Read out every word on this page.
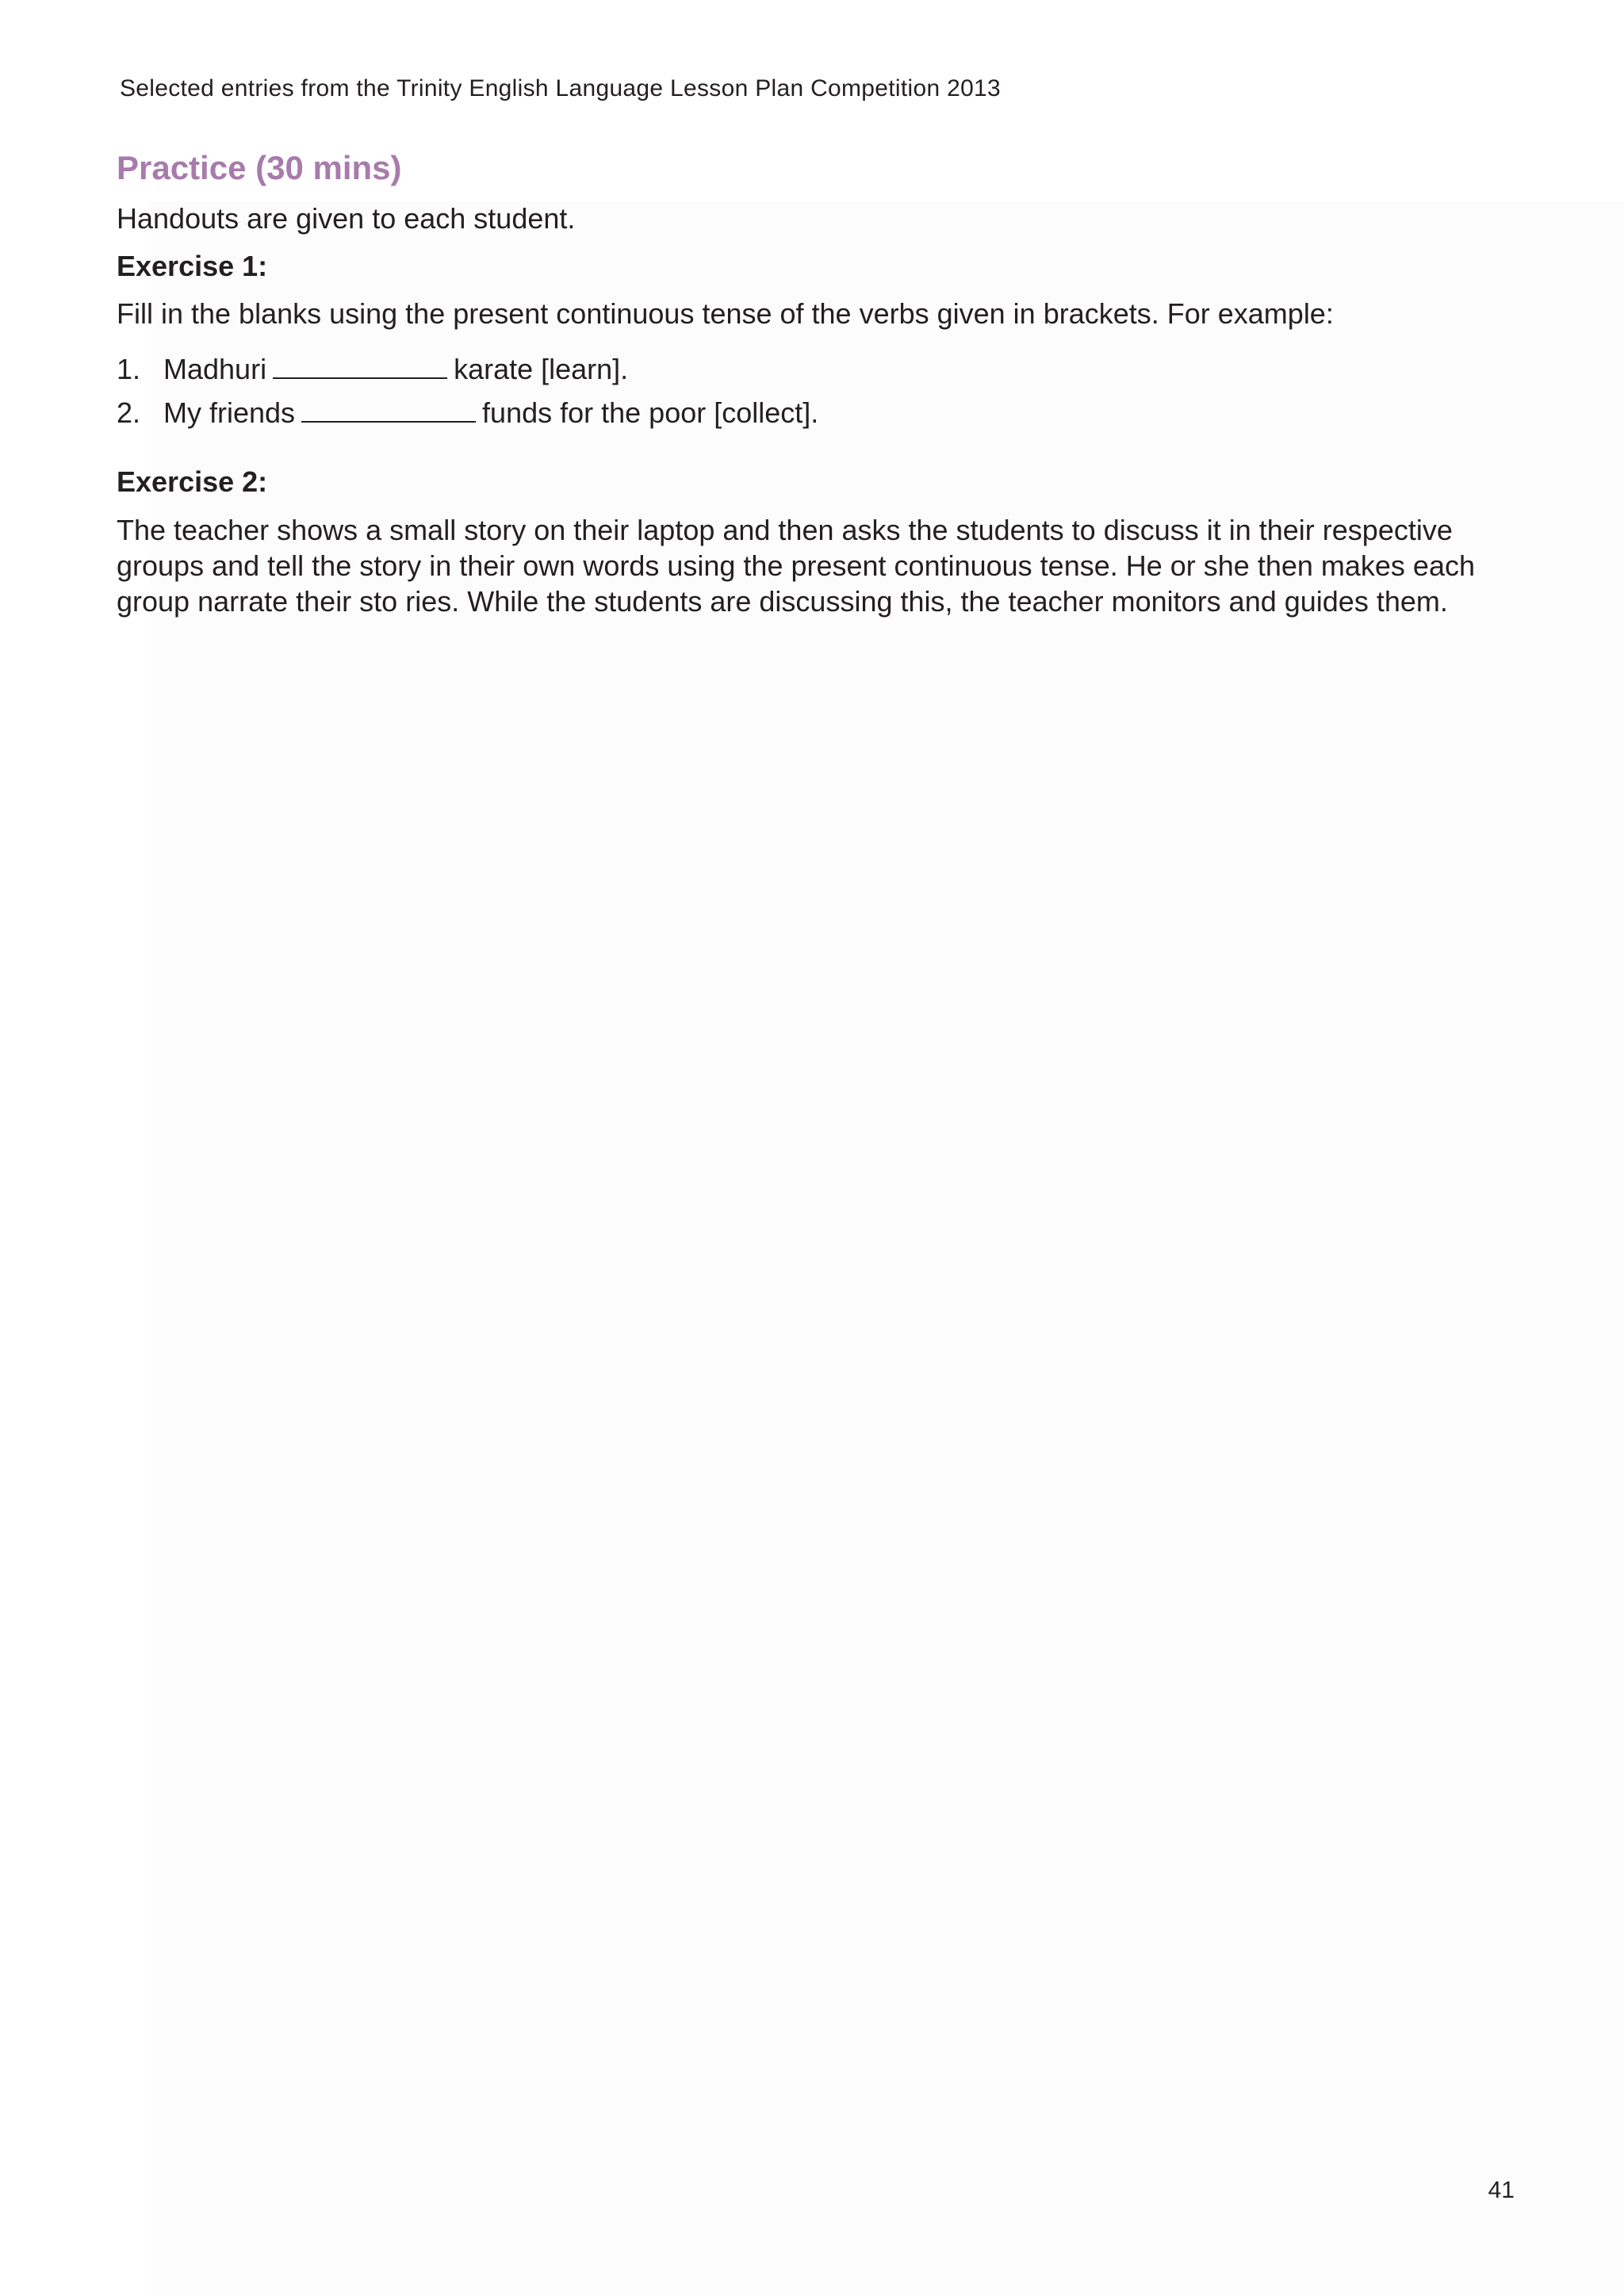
Selected entries from the Trinity English Language Lesson Plan Competition 2013
Practice (30 mins)

Handouts are given to each student.

Exercise 1:

Fill in the blanks using the present continuous tense of the verbs given in brackets. For example:

1. Madhuri	karate [learn].
2. My friends	funds for the poor [collect].
Exercise 2:

The teacher shows a small story on their laptop and then asks the students to discuss it in their respective groups and tell the story in their own words using the present continuous tense. He or she then makes each group narrate their sto ries. While the students are discussing this, the teacher monitors and guides them.

41
